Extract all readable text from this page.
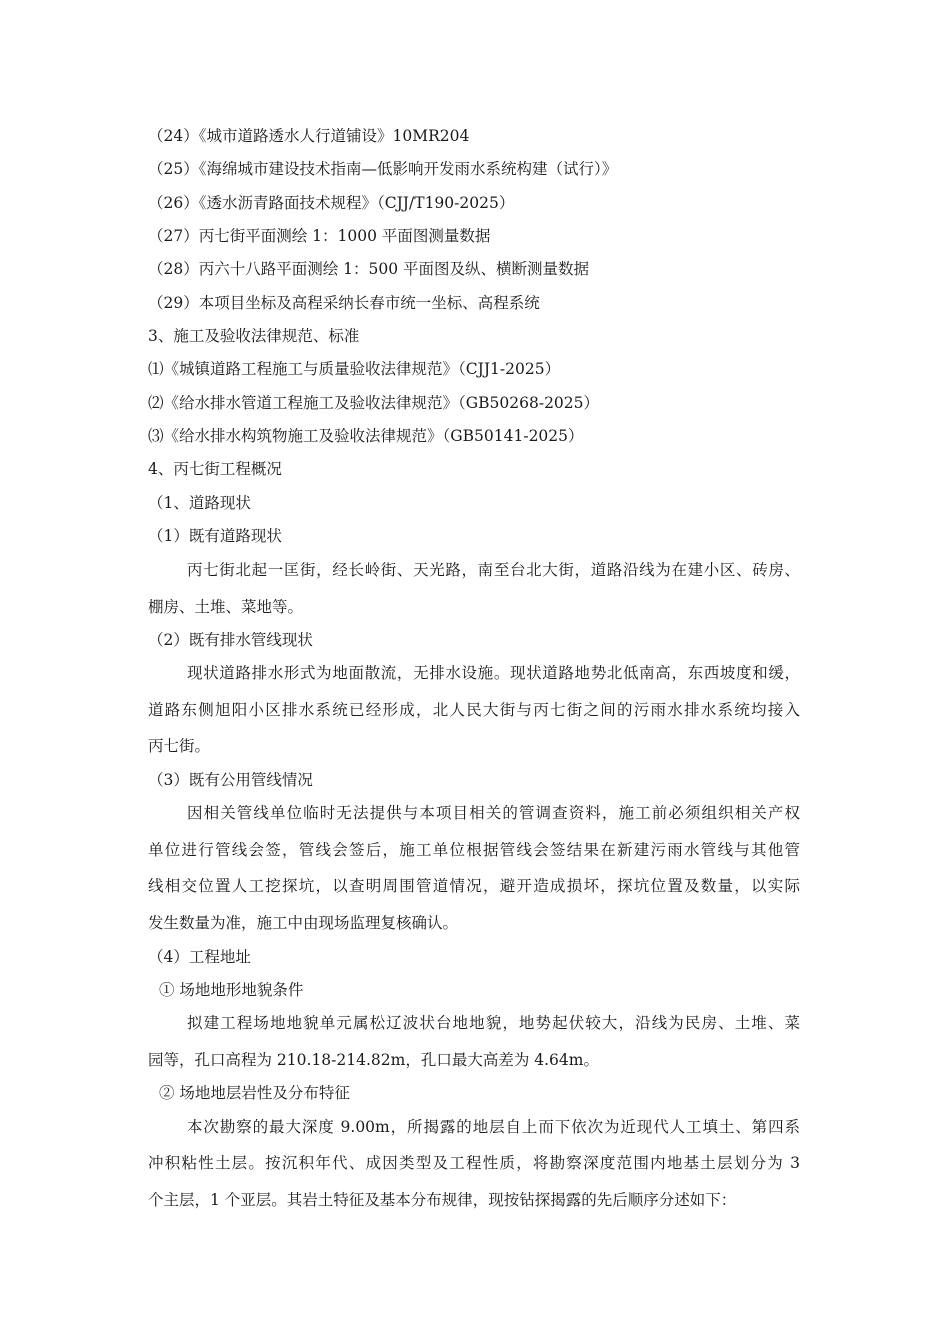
（24）《城市道路透水人行道铺设》10MR204
（25）《海绵城市建设技术指南—低影响开发雨水系统构建（试行）》
（26）《透水沥青路面技术规程》（CJJ/T190-2025）
（27）丙七街平面测绘 1：1000 平面图测量数据
（28）丙六十八路平面测绘 1：500 平面图及纵、横断测量数据
（29）本项目坐标及高程采纳长春市统一坐标、高程系统
3、施工及验收法律规范、标准
⑴《城镇道路工程施工与质量验收法律规范》（CJJ1-2025）
⑵《给水排水管道工程施工及验收法律规范》（GB50268-2025）
⑶《给水排水构筑物施工及验收法律规范》（GB50141-2025）
4、丙七街工程概况
（1、道路现状
（1）既有道路现状
丙七街北起一匡街，经长岭街、天光路，南至台北大街，道路沿线为在建小区、砖房、
棚房、土堆、菜地等。
（2）既有排水管线现状
现状道路排水形式为地面散流，无排水设施。现状道路地势北低南高，东西坡度和缓，
道路东侧旭阳小区排水系统已经形成，北人民大街与丙七街之间的污雨水排水系统均接入
丙七街。
（3）既有公用管线情况
因相关管线单位临时无法提供与本项目相关的管调查资料，施工前必须组织相关产权
单位进行管线会签，管线会签后，施工单位根据管线会签结果在新建污雨水管线与其他管
线相交位置人工挖探坑，以查明周围管道情况，避开造成损坏，探坑位置及数量，以实际
发生数量为准，施工中由现场监理复核确认。
（4）工程地址
① 场地地形地貌条件
拟建工程场地地貌单元属松辽波状台地地貌，地势起伏较大，沿线为民房、土堆、菜
园等，孔口高程为 210.18-214.82m，孔口最大高差为 4.64m。
② 场地地层岩性及分布特征
本次勘察的最大深度 9.00m，所揭露的地层自上而下依次为近现代人工填土、第四系
冲积粘性土层。按沉积年代、成因类型及工程性质，将勘察深度范围内地基土层划分为 3
个主层，1 个亚层。其岩土特征及基本分布规律，现按钻探揭露的先后顺序分述如下：
